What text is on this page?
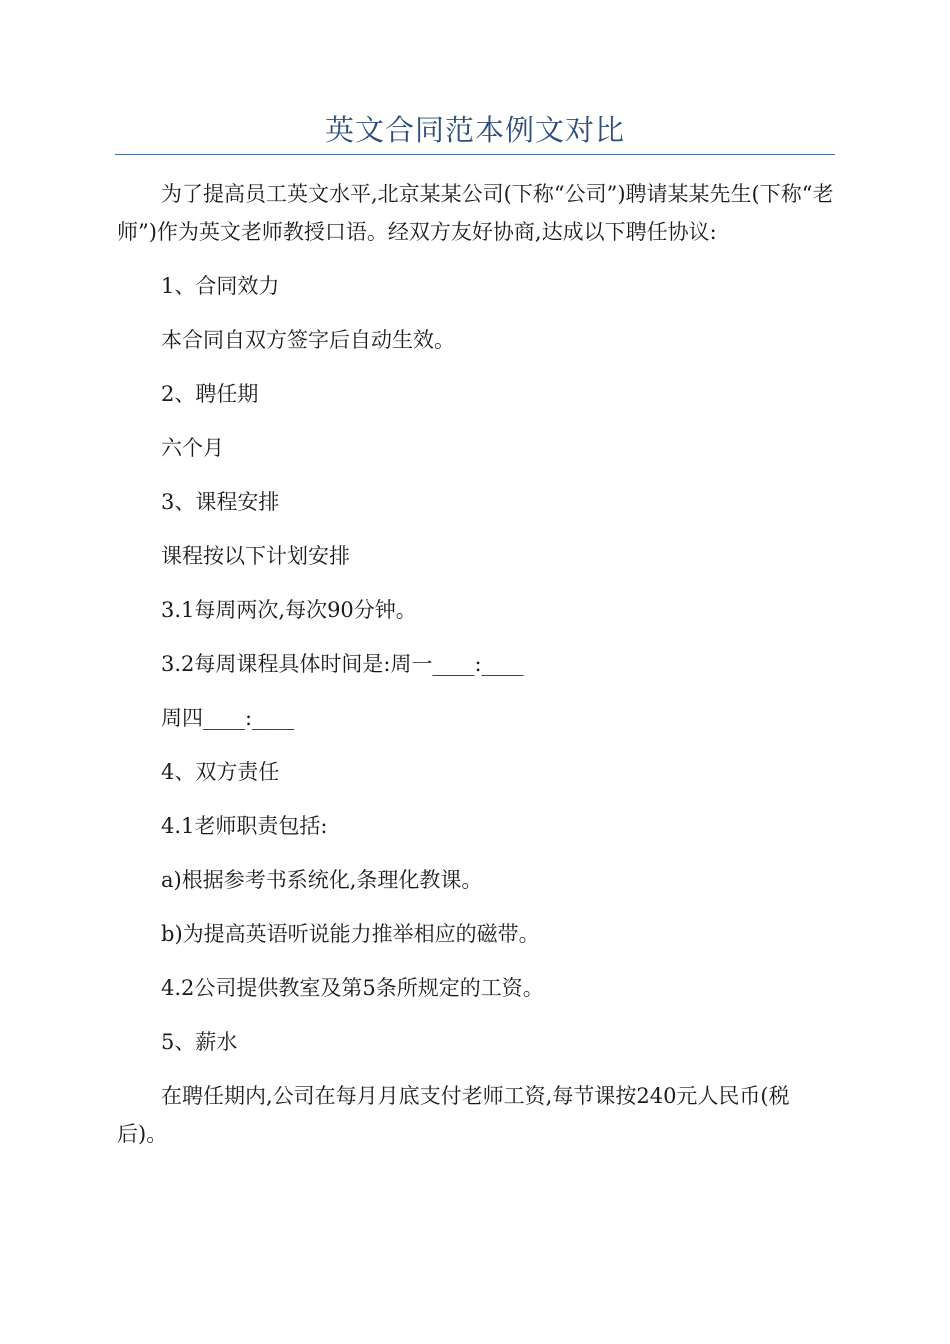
英文合同范本例文对比

为了提高员工英文水平,北京某某公司(下称“公司”)聘请某某先生(下称“老师”)作为英文老师教授口语。经双方友好协商,达成以下聘任协议:

1、合同效力

本合同自双方签字后自动生效。

2、聘任期

六个月

3、课程安排

课程按以下计划安排

3.1每周两次,每次90分钟。

3.2每周课程具体时间是:周一____:____

周四____:____

4、双方责任

4.1老师职责包括:

a)根据参考书系统化,条理化教课。

b)为提高英语听说能力推举相应的磁带。

4.2公司提供教室及第5条所规定的工资。

5、薪水

在聘任期内,公司在每月月底支付老师工资,每节课按240元人民币(税后)。
